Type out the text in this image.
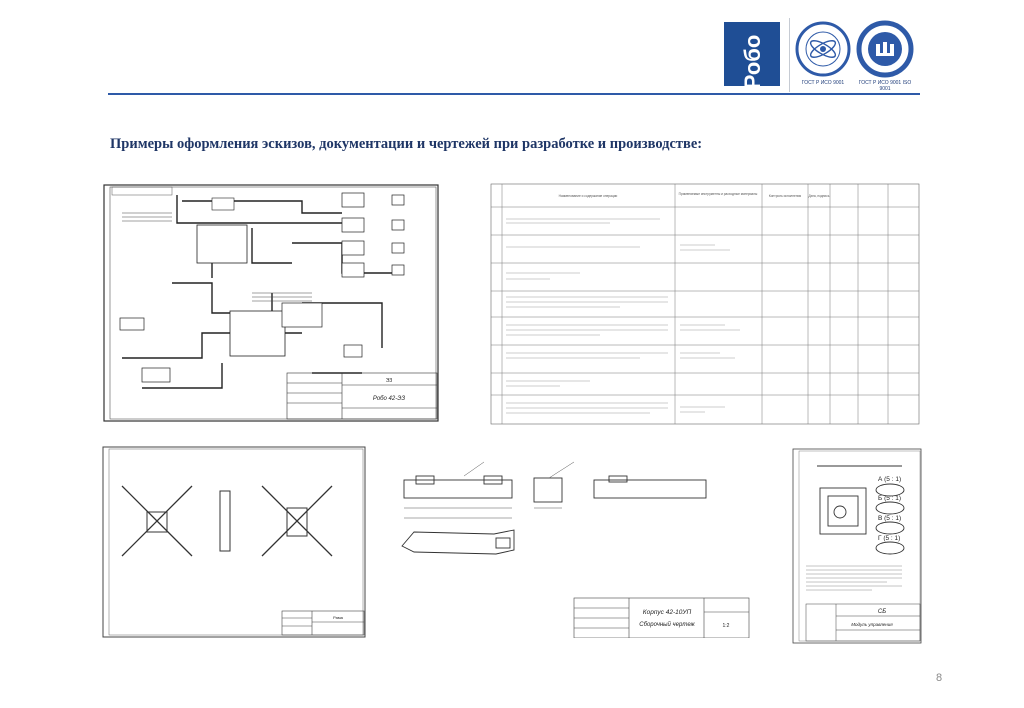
Робо	ГОСТ Р ИСО 9001	ГОСТ Р ИСО 9001 ISO 9001
Примеры оформления эскизов, документации и чертежей при разработке и производстве:
ЭЗ
Робо 42-ЭЗ
Наименование и содержание операции	Применяемые инструменты и расходные материалы	Контроль исполнения Дата, подпись
Рама
Корпус 42-10УП
Сборочный чертеж	1:2
А (5 : 1)
Б (5 : 1)
В (5 : 1)
Г (5 : 1)
СБ
Модуль управления
8
